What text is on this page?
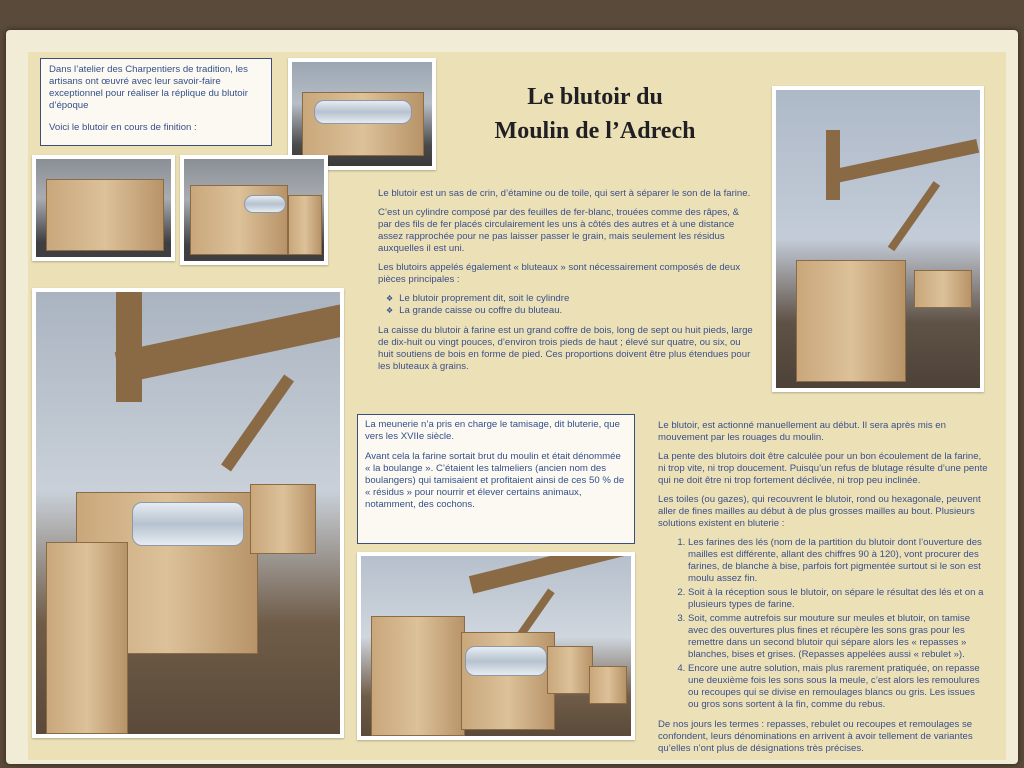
Dans l’atelier des Charpentiers de tradition, les artisans ont œuvré avec leur savoir-faire exceptionnel pour réaliser la réplique du blutoir d’époque
Voici le blutoir en cours de finition :
Le blutoir du
Moulin de l’Adrech

Le blutoir est un sas de crin, d’étamine ou de toile, qui sert à séparer le son de la farine.

C’est un cylindre composé par des feuilles de fer-blanc, trouées comme des râpes, & par des fils de fer placés circulairement les uns à côtés des autres et à une distance assez rapprochée pour ne pas laisser passer le grain, mais seulement les résidus auxquelles il est uni.

Les blutoirs appelés également « bluteaux » sont nécessairement composés de deux pièces principales :

❖ Le blutoir proprement dit, soit le cylindre
❖ La grande caisse ou coffre du bluteau.

La caisse du blutoir à farine est un grand coffre de bois, long de sept ou huit pieds, large de dix-huit ou vingt pouces, d’environ trois pieds de haut ; élevé sur quatre, ou six, ou huit soutiens de bois en forme de pied. Ces proportions doivent être plus étendues pour les bluteaux à grains.

La meunerie n’a pris en charge le tamisage, dit bluterie, que vers les XVIIe siècle.
Avant cela la farine sortait brut du moulin et était dénommée
« la boulange ». C’étaient les talmeliers (ancien nom des boulangers) qui tamisaient et profitaient ainsi de ces 50 % de
« résidus » pour nourrir et élever certains animaux, notamment, des cochons.

Le blutoir, est actionné manuellement au début. Il sera après mis en mouvement par les rouages du moulin.

La pente des blutoirs doit être calculée pour un bon écoulement de la farine, ni trop vite, ni trop doucement. Puisqu’un refus de blutage résulte d’une pente qui ne doit être ni trop fortement déclivée, ni trop peu inclinée.

Les toiles (ou gazes), qui recouvrent le blutoir, rond ou hexagonale, peuvent aller de fines mailles au début à de plus grosses mailles au bout. Plusieurs solutions existent en bluterie :

1. Les farines des lés (nom de la partition du blutoir dont l’ouverture des mailles est différente, allant des chiffres 90 à 120), vont procurer des farines, de blanche à bise, parfois fort pigmentée surtout si le son est moulu assez fin.
2. Soit à la réception sous le blutoir, on sépare le résultat des lés et on a plusieurs types de farine.
3. Soit, comme autrefois sur mouture sur meules et blutoir, on tamise avec des ouvertures plus fines et récupère les sons gras pour les remettre dans un second blutoir qui sépare alors les « repasses » blanches, bises et grises. (Repasses appelées aussi « rebulet »).
4. Encore une autre solution, mais plus rarement pratiquée, on repasse une deuxième fois les sons sous la meule, c’est alors les remoulures ou recoupes qui se divise en remoulages blancs ou gris. Les issues ou gros sons sortent à la fin, comme du rebus.

De nos jours les termes : repasses, rebulet ou recoupes et remoulages se confondent, leurs dénominations en arrivent à avoir tellement de variantes qu’elles n’ont plus de désignations très précises.
